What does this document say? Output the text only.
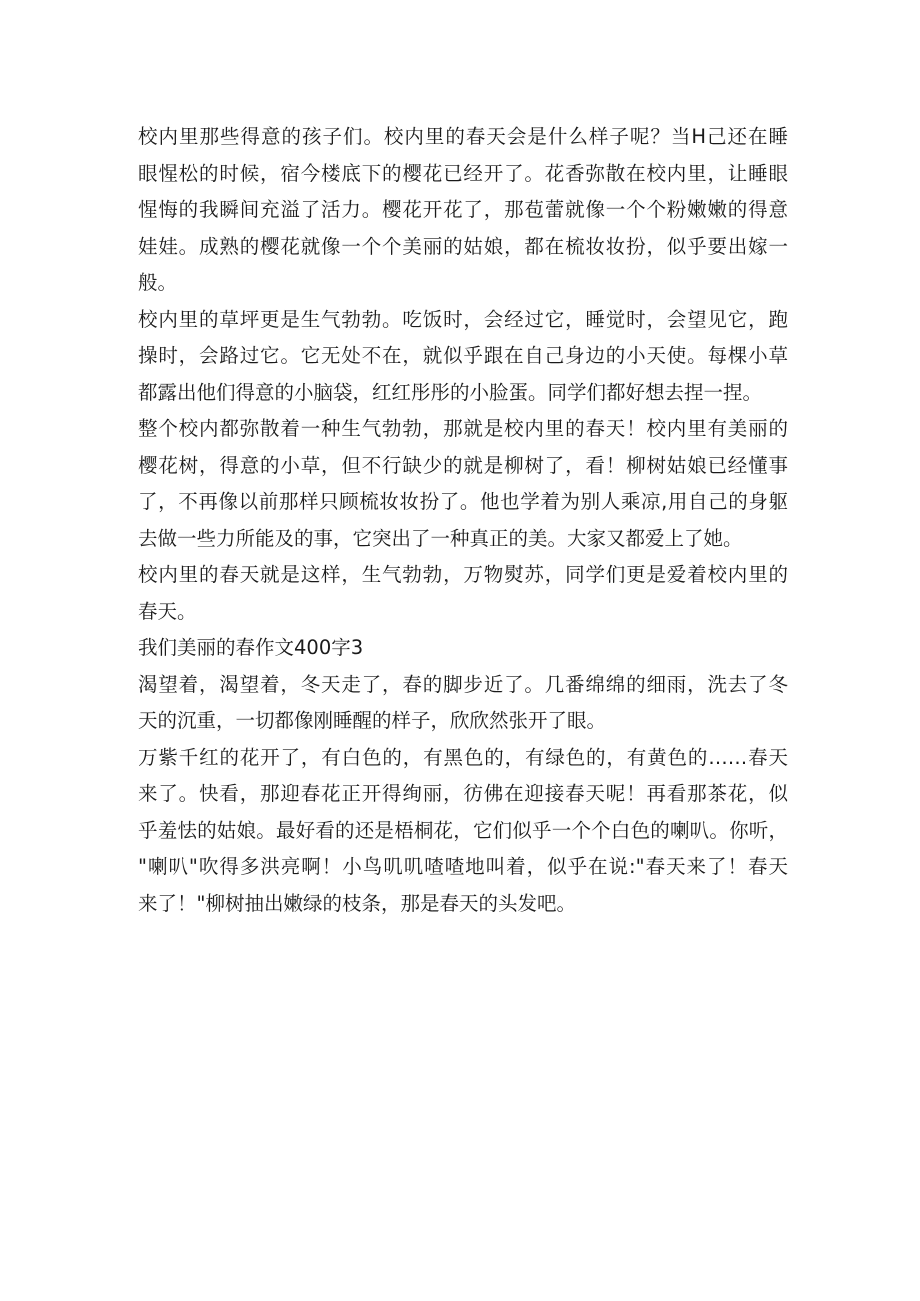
校内里那些得意的孩子们。校内里的春天会是什么样子呢？当H己还在睡
眼惺松的时候，宿今楼底下的樱花已经开了。花香弥散在校内里，让睡眼
惺悔的我瞬间充溢了活力。樱花开花了，那苞蕾就像一个个粉嫩嫩的得意
娃娃。成熟的樱花就像一个个美丽的姑娘，都在梳妆妆扮，似乎要出嫁一
般。
校内里的草坪更是生气勃勃。吃饭时，会经过它，睡觉时，会望见它，跑
操时，会路过它。它无处不在，就似乎跟在自己身边的小天使。每棵小草
都露出他们得意的小脑袋，红红彤彤的小脸蛋。同学们都好想去捏一捏。
整个校内都弥散着一种生气勃勃，那就是校内里的春天！校内里有美丽的
樱花树，得意的小草，但不行缺少的就是柳树了，看！柳树姑娘已经懂事
了，不再像以前那样只顾梳妆妆扮了。他也学着为别人乘凉,用自己的身躯
去做一些力所能及的事，它突出了一种真正的美。大家又都爱上了她。
校内里的春天就是这样，生气勃勃，万物熨苏，同学们更是爱着校内里的
春天。
我们美丽的春作文400字3
渴望着，渴望着，冬天走了，春的脚步近了。几番绵绵的细雨，洗去了冬
天的沉重，一切都像刚睡醒的样子，欣欣然张开了眼。
万紫千红的花开了，有白色的，有黑色的，有绿色的，有黄色的……春天
来了。快看，那迎春花正开得绚丽，彷佛在迎接春天呢！再看那茶花，似
乎羞怯的姑娘。最好看的还是梧桐花，它们似乎一个个白色的喇叭。你听，
"喇叭"吹得多洪亮啊！小鸟叽叽喳喳地叫着，似乎在说:"春天来了！春天
来了！"柳树抽出嫩绿的枝条，那是春天的头发吧。
